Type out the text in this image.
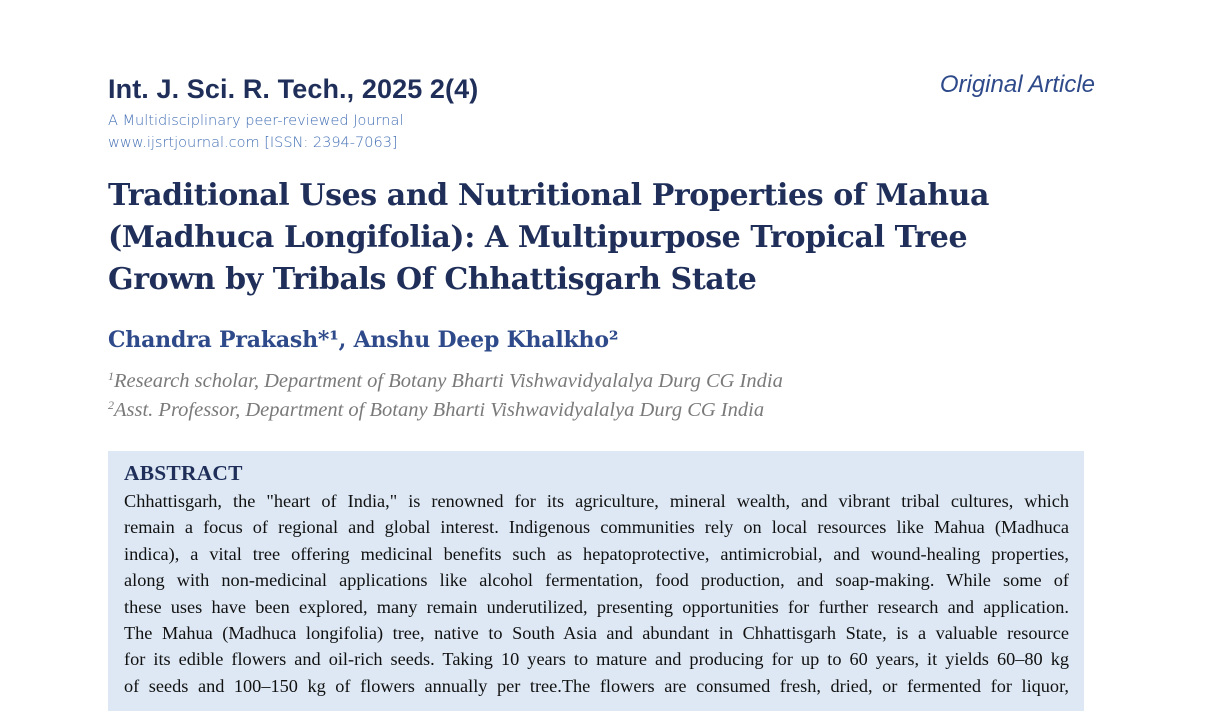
Int. J. Sci. R. Tech., 2025 2(4)	Original Article
A Multidisciplinary peer-reviewed Journal
www.ijsrtjournal.com [ISSN: 2394-7063]
Traditional Uses and Nutritional Properties of Mahua
(Madhuca Longifolia): A Multipurpose Tropical Tree
Grown by Tribals Of Chhattisgarh State
Chandra Prakash*¹, Anshu Deep Khalkho²
$^1$Research scholar, Department of Botany Bharti Vishwavidyalalya Durg CG India
$^2$Asst. Professor, Department of Botany Bharti Vishwavidyalalya Durg CG India
ABSTRACT
Chhattisgarh, the "heart of India," is renowned for its agriculture, mineral wealth, and vibrant tribal cultures, which
remain a focus of regional and global interest. Indigenous communities rely on local resources like Mahua (Madhuca
indica), a vital tree offering medicinal benefits such as hepatoprotective, antimicrobial, and wound-healing properties,
along with non-medicinal applications like alcohol fermentation, food production, and soap-making. While some of
these uses have been explored, many remain underutilized, presenting opportunities for further research and application.
The Mahua (Madhuca longifolia) tree, native to South Asia and abundant in Chhattisgarh State, is a valuable resource
for its edible flowers and oil-rich seeds. Taking 10 years to mature and producing for up to 60 years, it yields 60–80 kg
of seeds and 100–150 kg of flowers annually per tree.The flowers are consumed fresh, dried, or fermented for liquor,
